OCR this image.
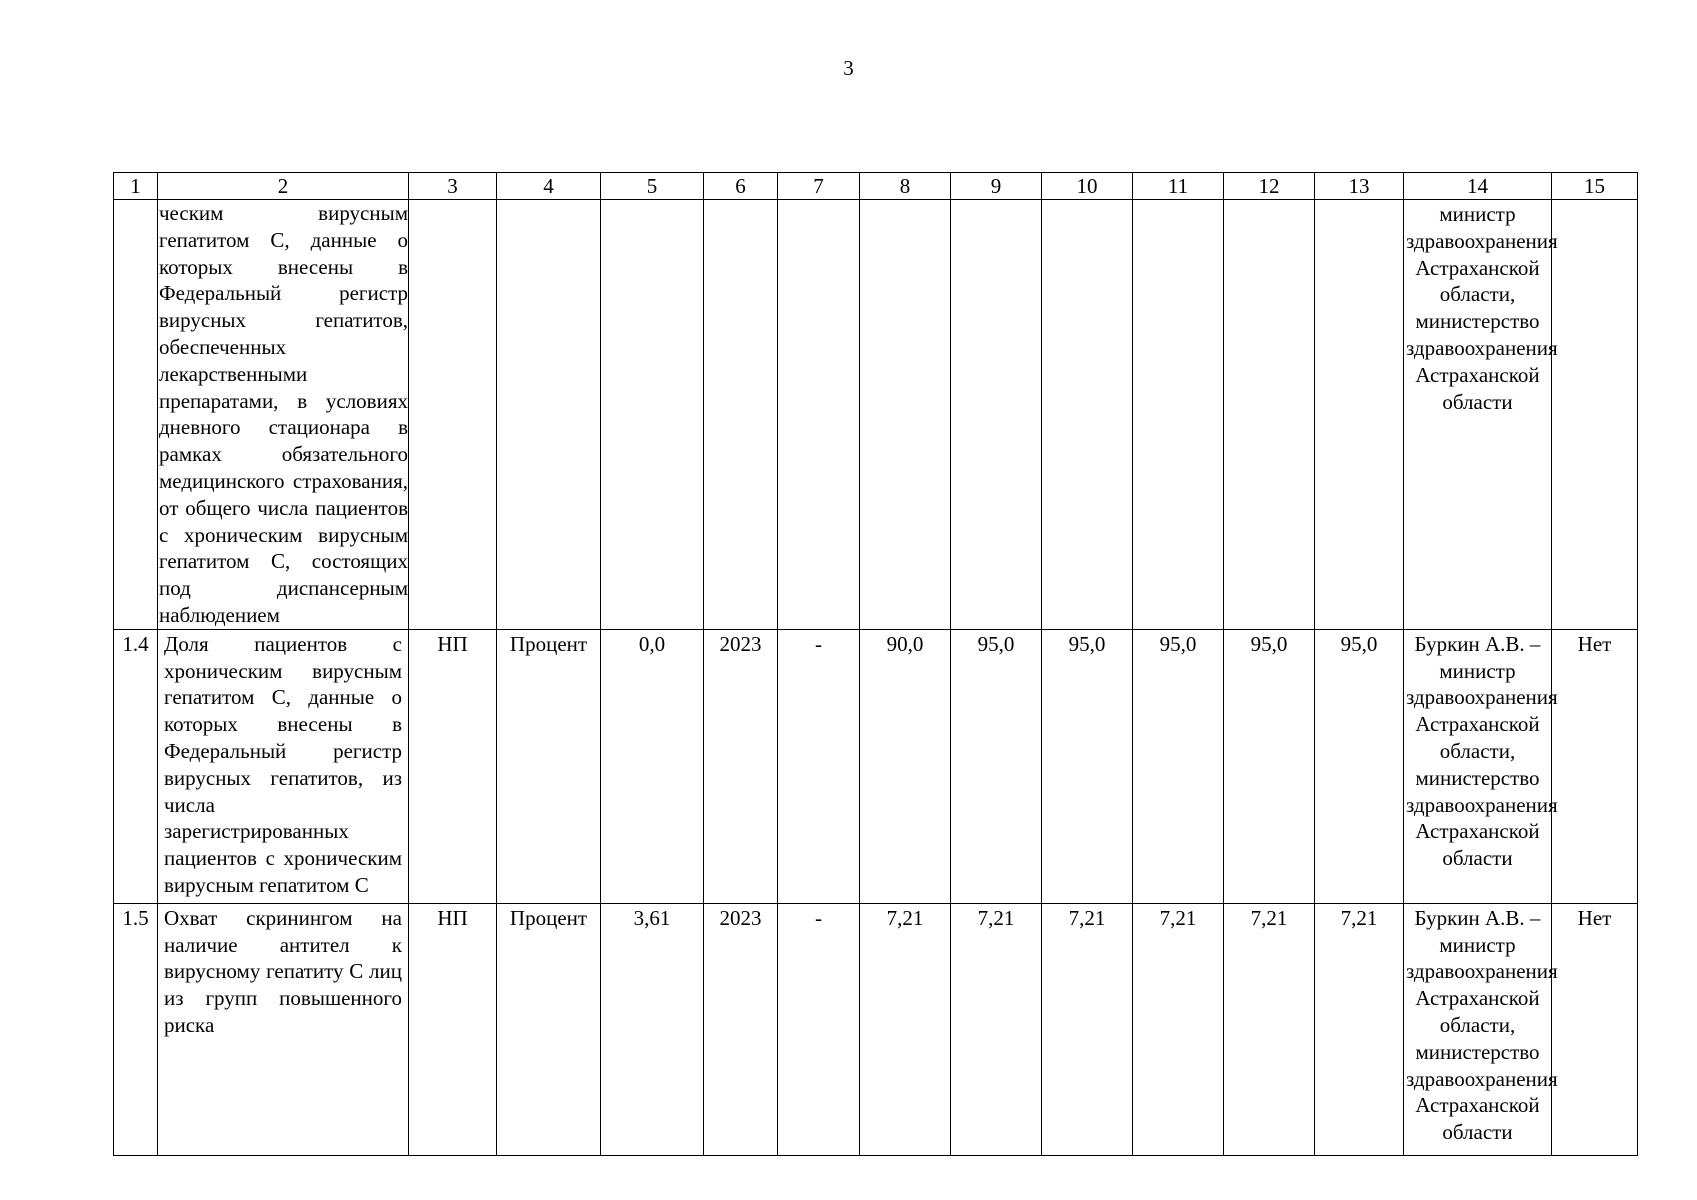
3
1	2	3	4	5	6	7	8	9	10	11	12	13	14	15
	ческим вирусным гепатитом С, данные о которых внесены в Федеральный регистр вирусных гепатитов, обеспеченных лекарственными препаратами, в условиях дневного стационара в рамках обязательного медицинского страхования, от общего числа пациентов с хроническим вирусным гепатитом С, состоящих под диспансерным наблюдением												министр здравоохранения Астраханской области, министерство здравоохранения Астраханской области	
1.4	Доля пациентов с хроническим вирусным гепатитом С, данные о которых внесены в Федеральный регистр вирусных гепатитов, из числа зарегистрированных пациентов с хроническим вирусным гепатитом С	НП	Процент	0,0	2023	-	90,0	95,0	95,0	95,0	95,0	95,0	Буркин А.В. – министр здравоохранения Астраханской области, министерство здравоохранения Астраханской области	Нет
1.5	Охват скринингом на наличие антител к вирусному гепатиту С лиц из групп повышенного риска	НП	Процент	3,61	2023	-	7,21	7,21	7,21	7,21	7,21	7,21	Буркин А.В. – министр здравоохранения Астраханской области, министерство здравоохранения Астраханской области	Нет
